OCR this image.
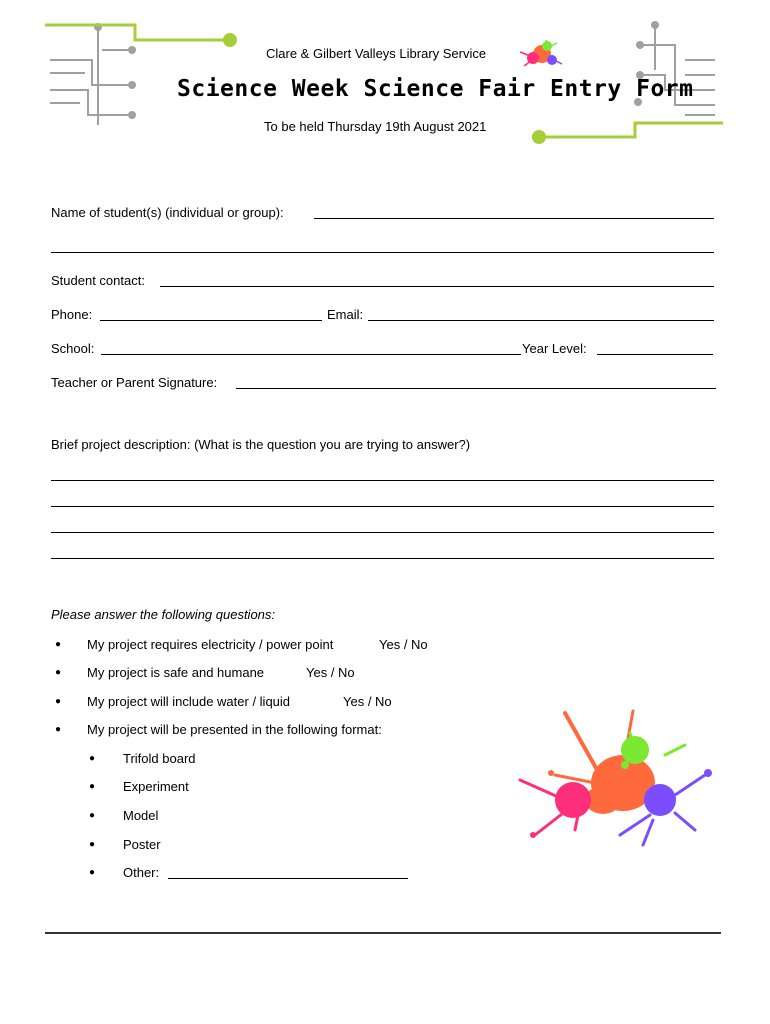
Clare & Gilbert Valleys Library Service
Science Week Science Fair Entry Form
To be held Thursday 19th August 2021
Name of student(s) (individual or group):
Student contact:
Phone:	Email:
School:	Year Level:
Teacher or Parent Signature:
Brief project description: (What is the question you are trying to answer?)
Please answer the following questions:
● My project requires electricity / power point	Yes / No
● My project is safe and humane	Yes / No
● My project will include water / liquid	Yes / No
● My project will be presented in the following format:
● Trifold board
● Experiment
● Model
● Poster
● Other:
